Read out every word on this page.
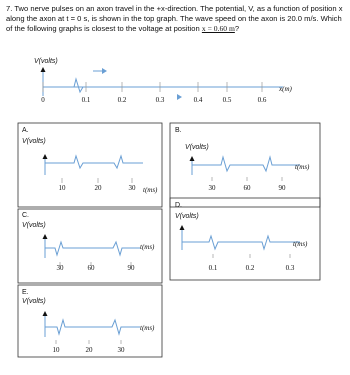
7. Two nerve pulses on an axon travel in the +x-direction. The potential, V, as a function of position x along the axon at t = 0 s, is shown in the top graph. The wave speed on the axon is 20.0 m/s. Which of the following graphs is closest to the voltage at position x = 0.60 m?

V(volts)
0	0.1	0.2	0.3	0.4	0.5	0.6
x(m)
A.
V(volts)
10	20	30 t(ms)
B.
V(volts)
30	60	90
t(ms)
C.
V(volts)
30	60	90
t(ms)
D.
V(volts)
0.1	0.2	0.3
t(ms)
E.
V(volts)
10	20	30
t(ms)
